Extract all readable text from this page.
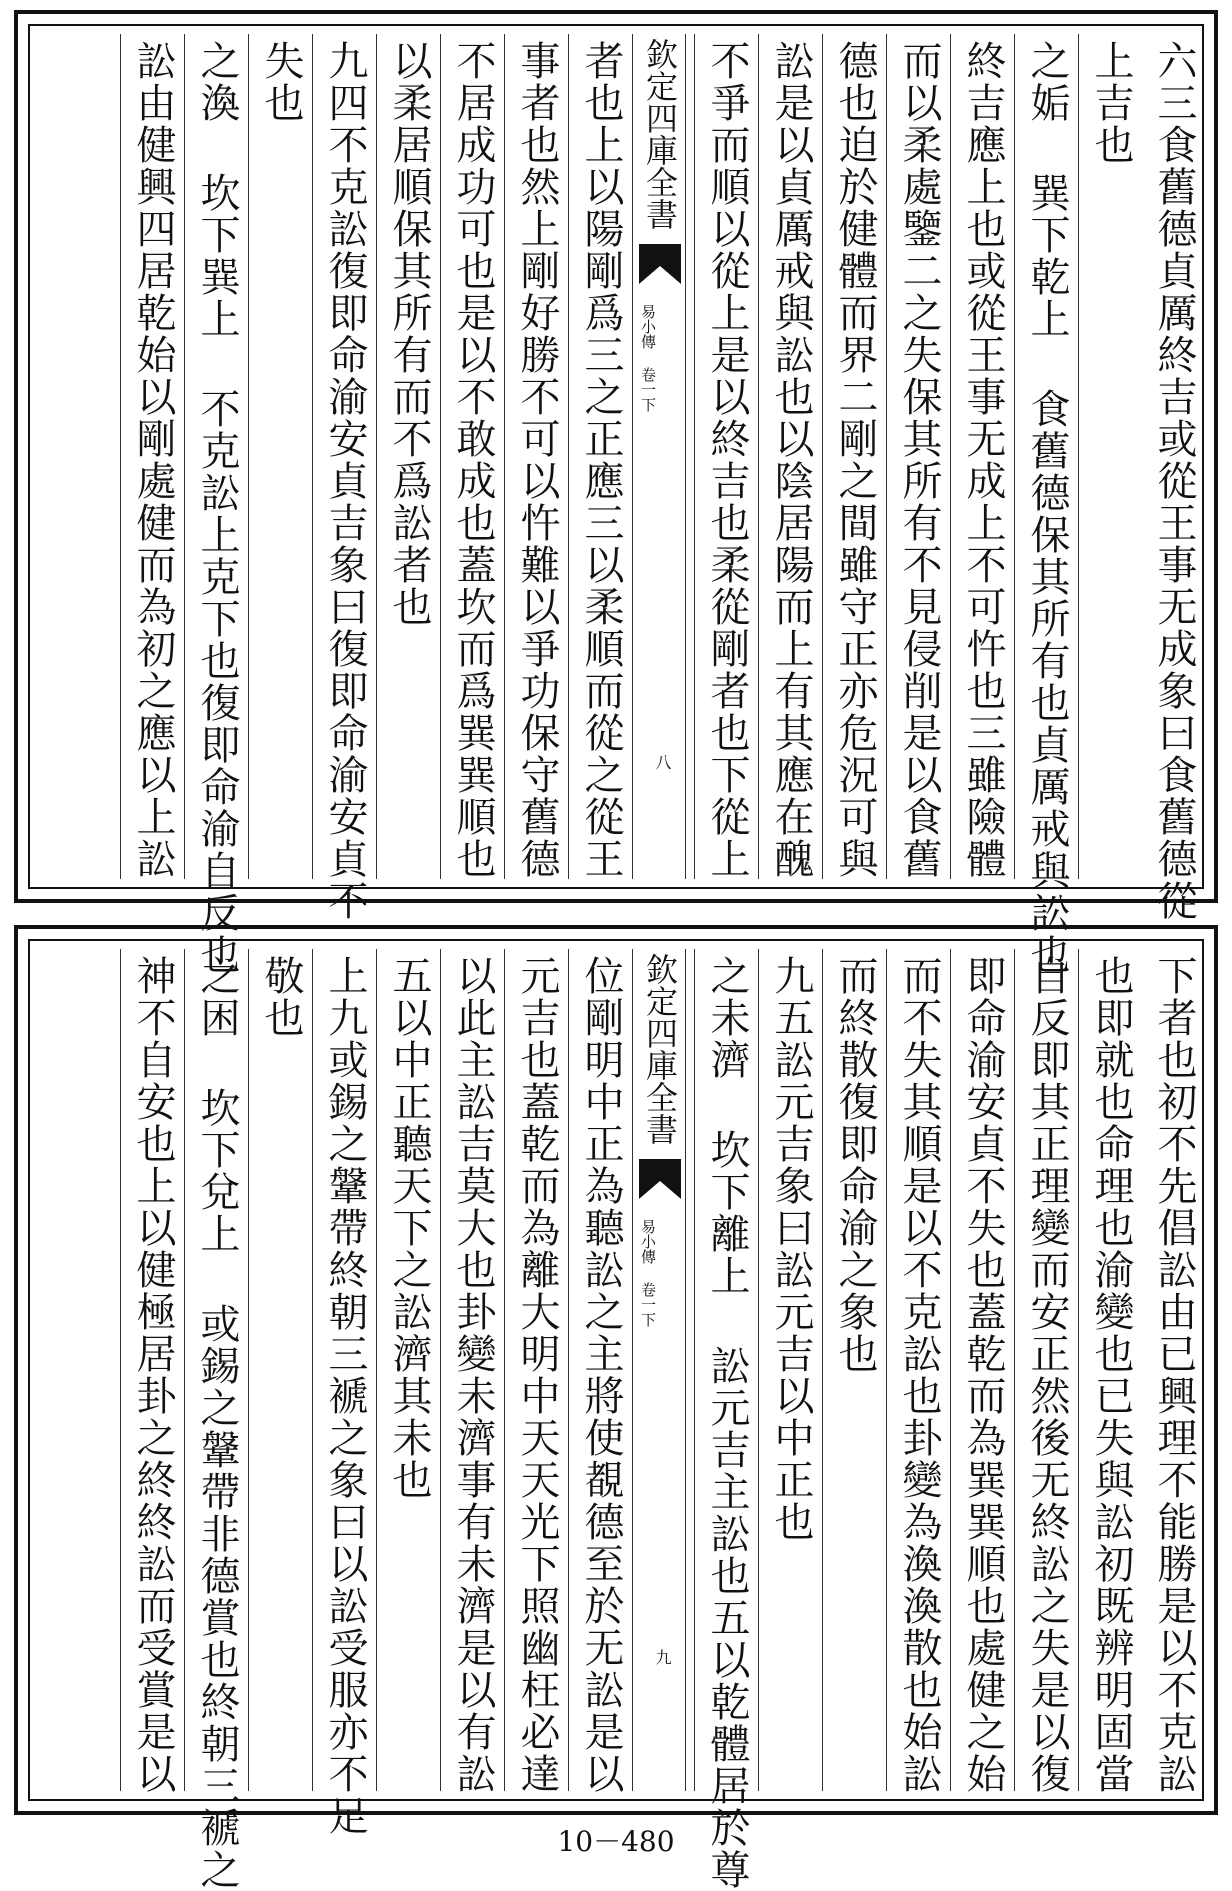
六三食舊德貞厲終吉或從王事无成象曰食舊德從
上吉也
之姤 巽下乾上 食舊德保其所有也貞厲戒與訟也
終吉應上也或從王事无成上不可忤也三雖險體
而以柔處鑒二之失保其所有不見侵削是以食舊
德也迫於健體而界二剛之間雖守正亦危況可與
訟是以貞厲戒與訟也以陰居陽而上有其應在醜
不爭而順以從上是以終吉也柔從剛者也下從上
欽定四庫全書
易小傳 卷一下
八
者也上以陽剛爲三之正應三以柔順而從之從王
事者也然上剛好勝不可以忤難以爭功保守舊德
不居成功可也是以不敢成也蓋坎而爲巽巽順也
以柔居順保其所有而不爲訟者也
九四不克訟復即命渝安貞吉象曰復即命渝安貞不
失也
之渙 坎下巽上 不克訟上克下也復即命渝自反也
訟由健興四居乾始以剛處健而為初之應以上訟
下者也初不先倡訟由已興理不能勝是以不克訟
也即就也命理也渝變也已失與訟初既辨明固當
自反即其正理變而安正然後无終訟之失是以復
即命渝安貞不失也蓋乾而為巽巽順也處健之始
而不失其順是以不克訟也卦變為渙渙散也始訟
而終散復即命渝之象也
九五訟元吉象曰訟元吉以中正也
之未濟 坎下離上 訟元吉主訟也五以乾體居於尊
欽定四庫全書
易小傳 卷一下
九
位剛明中正為聽訟之主將使覩德至於无訟是以
元吉也蓋乾而為離大明中天天光下照幽枉必達
以此主訟吉莫大也卦變未濟事有未濟是以有訟
五以中正聽天下之訟濟其未也
上九或錫之鞶帶終朝三褫之象曰以訟受服亦不足
敬也
之困 坎下兌上 或錫之鞶帶非德賞也終朝三褫之
神不自安也上以健極居卦之終終訟而受賞是以
10－480
